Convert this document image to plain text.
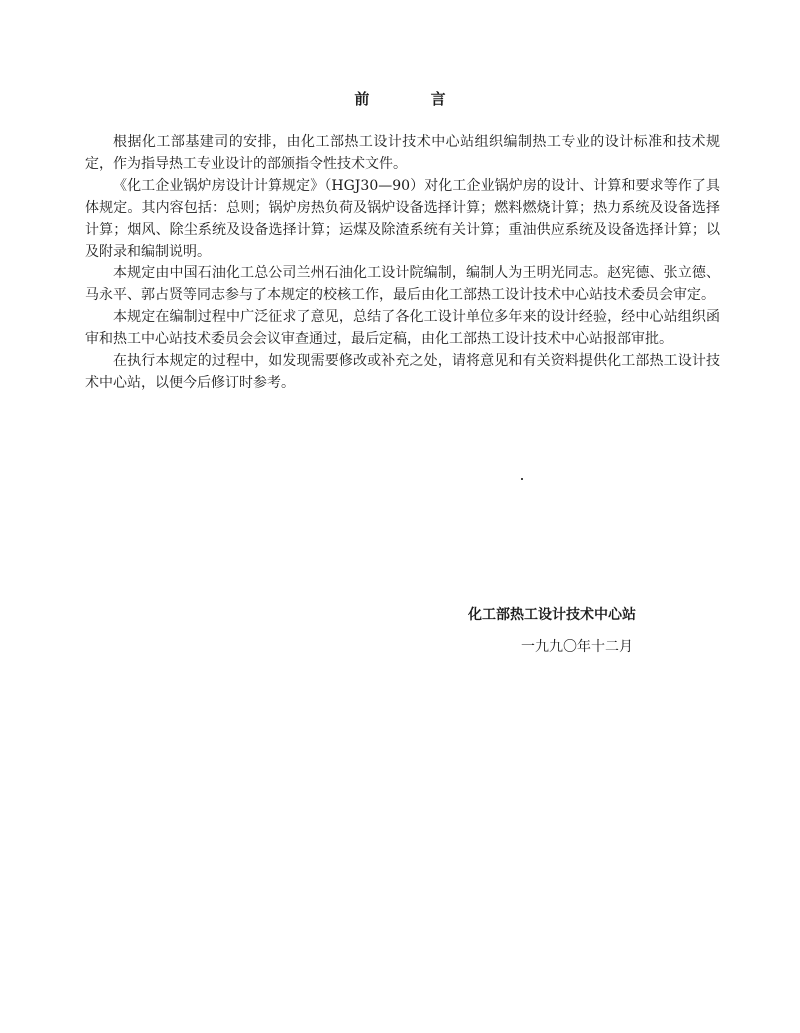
前 言

根据化工部基建司的安排，由化工部热工设计技术中心站组织编制热工专业的设计标准和技术规定，作为指导热工专业设计的部颁指令性技术文件。

《化工企业锅炉房设计计算规定》（HGJ30—90）对化工企业锅炉房的设计、计算和要求等作了具体规定。其内容包括：总则；锅炉房热负荷及锅炉设备选择计算；燃料燃烧计算；热力系统及设备选择计算；烟风、除尘系统及设备选择计算；运煤及除渣系统有关计算；重油供应系统及设备选择计算；以及附录和编制说明。

本规定由中国石油化工总公司兰州石油化工设计院编制，编制人为王明光同志。赵宪德、张立德、马永平、郭占贤等同志参与了本规定的校核工作，最后由化工部热工设计技术中心站技术委员会审定。

本规定在编制过程中广泛征求了意见，总结了各化工设计单位多年来的设计经验，经中心站组织函审和热工中心站技术委员会会议审查通过，最后定稿，由化工部热工设计技术中心站报部审批。

在执行本规定的过程中，如发现需要修改或补充之处，请将意见和有关资料提供化工部热工设计技术中心站，以便今后修订时参考。

化工部热工设计技术中心站

一九九〇年十二月
